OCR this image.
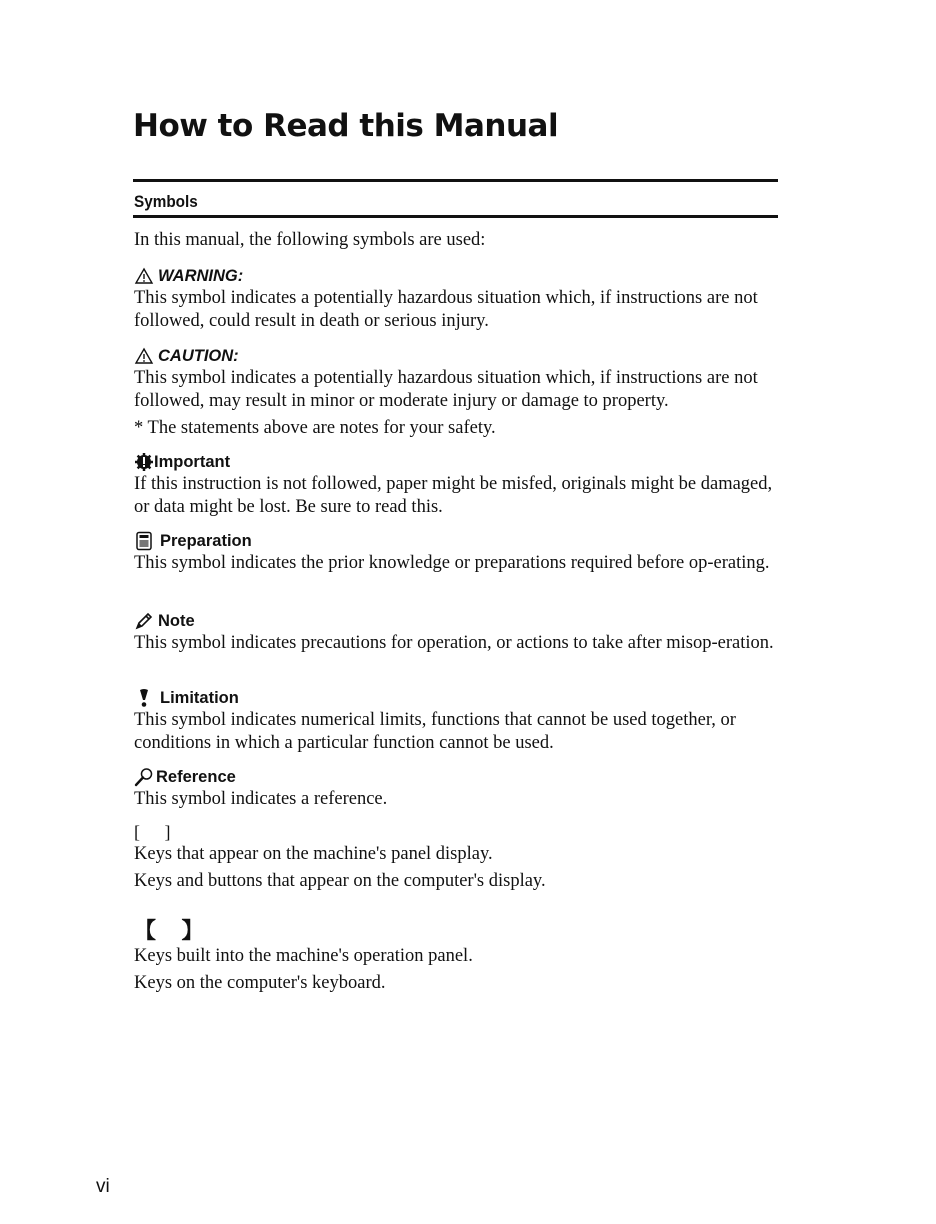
How to Read this Manual
Symbols

In this manual, the following symbols are used:

WARNING:

This symbol indicates a potentially hazardous situation which, if instructions are not followed, could result in death or serious injury.

CAUTION:

This symbol indicates a potentially hazardous situation which, if instructions are not followed, may result in minor or moderate injury or damage to property.

* The statements above are notes for your safety.

Important

If this instruction is not followed, paper might be misfed, originals might be damaged, or data might be lost. Be sure to read this.

Preparation

This symbol indicates the prior knowledge or preparations required before op-erating.

Note

This symbol indicates precautions for operation, or actions to take after misop-eration.

Limitation

This symbol indicates numerical limits, functions that cannot be used together, or conditions in which a particular function cannot be used.

Reference

This symbol indicates a reference.

[ ]

Keys that appear on the machine's panel display.

Keys and buttons that appear on the computer's display.

【 】

Keys built into the machine's operation panel.

Keys on the computer's keyboard.

vi
